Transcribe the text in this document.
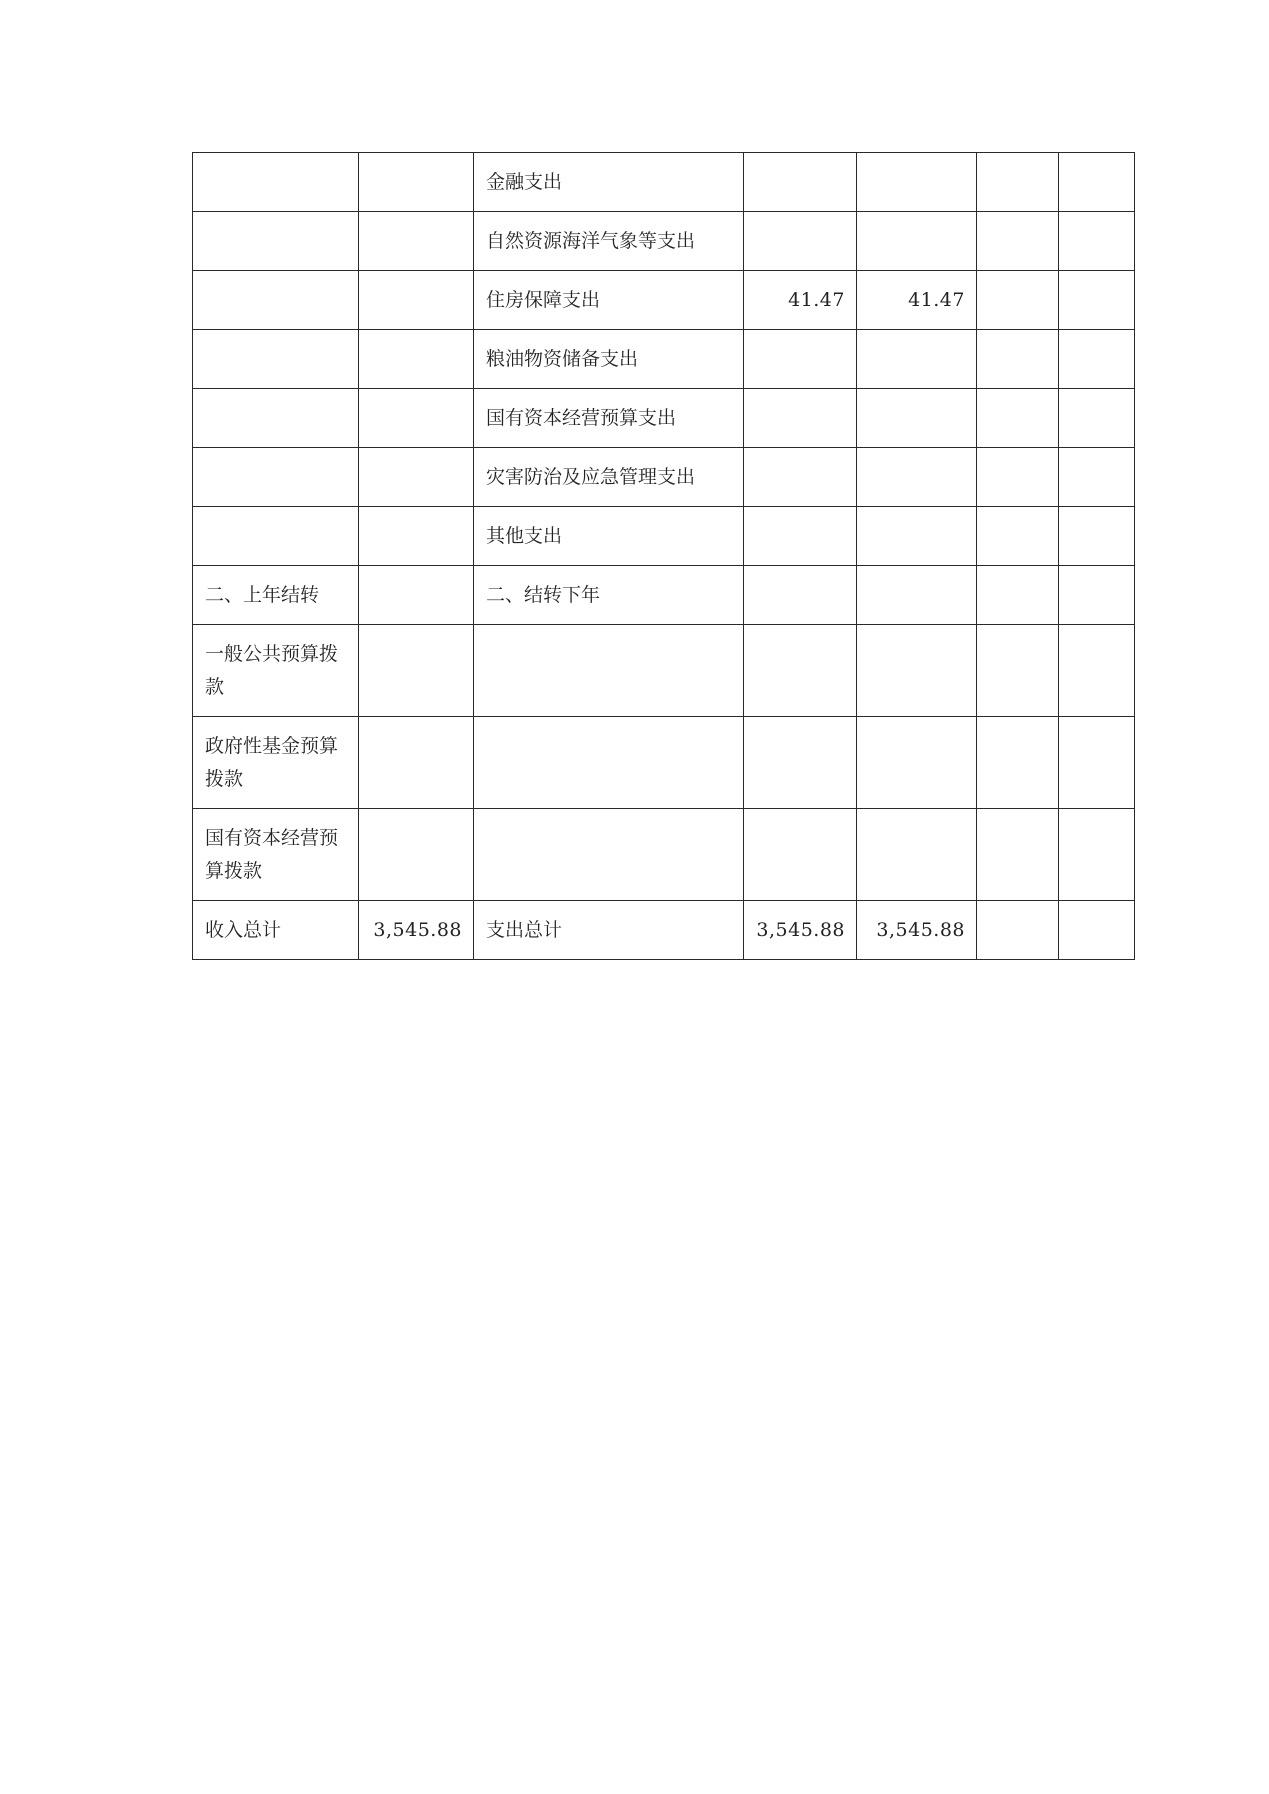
		金融支出				
		自然资源海洋气象等支出				
		住房保障支出	41.47	41.47		
		粮油物资储备支出				
		国有资本经营预算支出				
		灾害防治及应急管理支出				
		其他支出				
二、上年结转		二、结转下年				
一般公共预算拨款						
政府性基金预算拨款						
国有资本经营预算拨款						
收入总计	3,545.88	支出总计	3,545.88	3,545.88		
